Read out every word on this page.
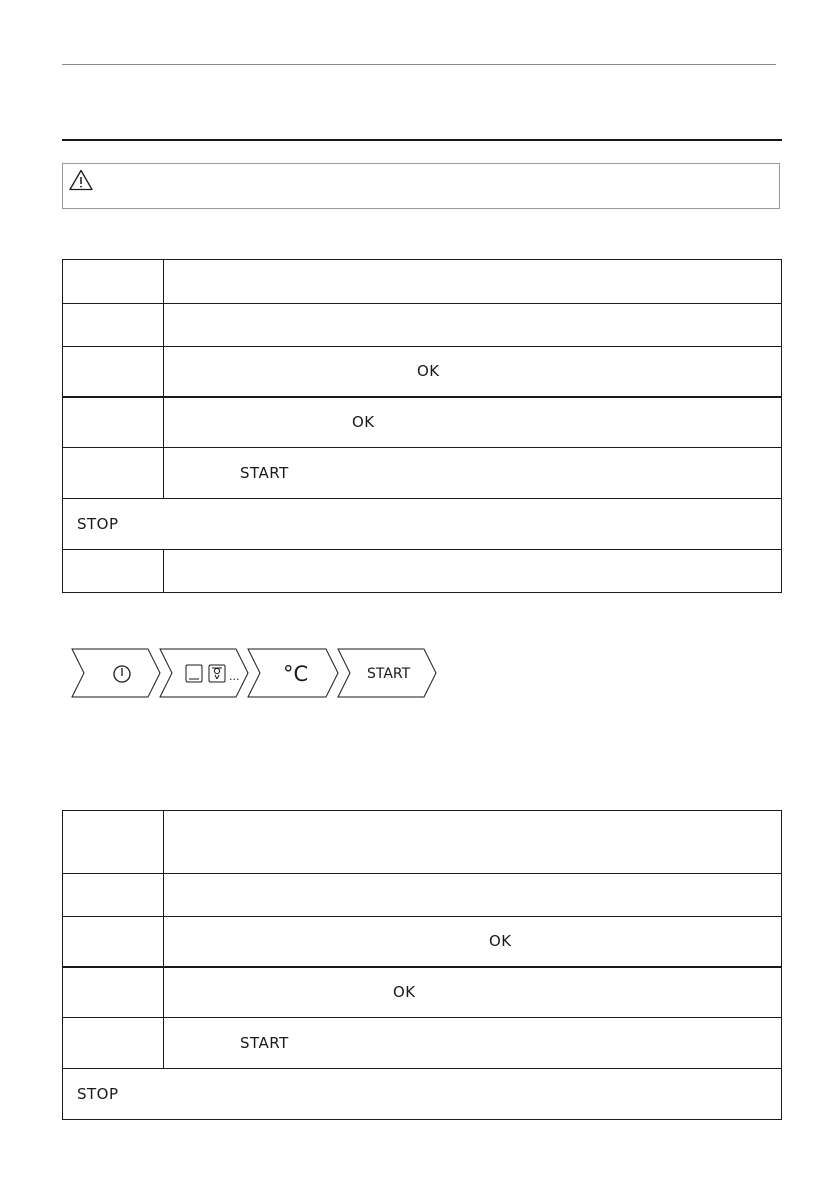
	OK
	OK
	START
STOP	

... °C	START

	OK
	OK
	START
STOP	
